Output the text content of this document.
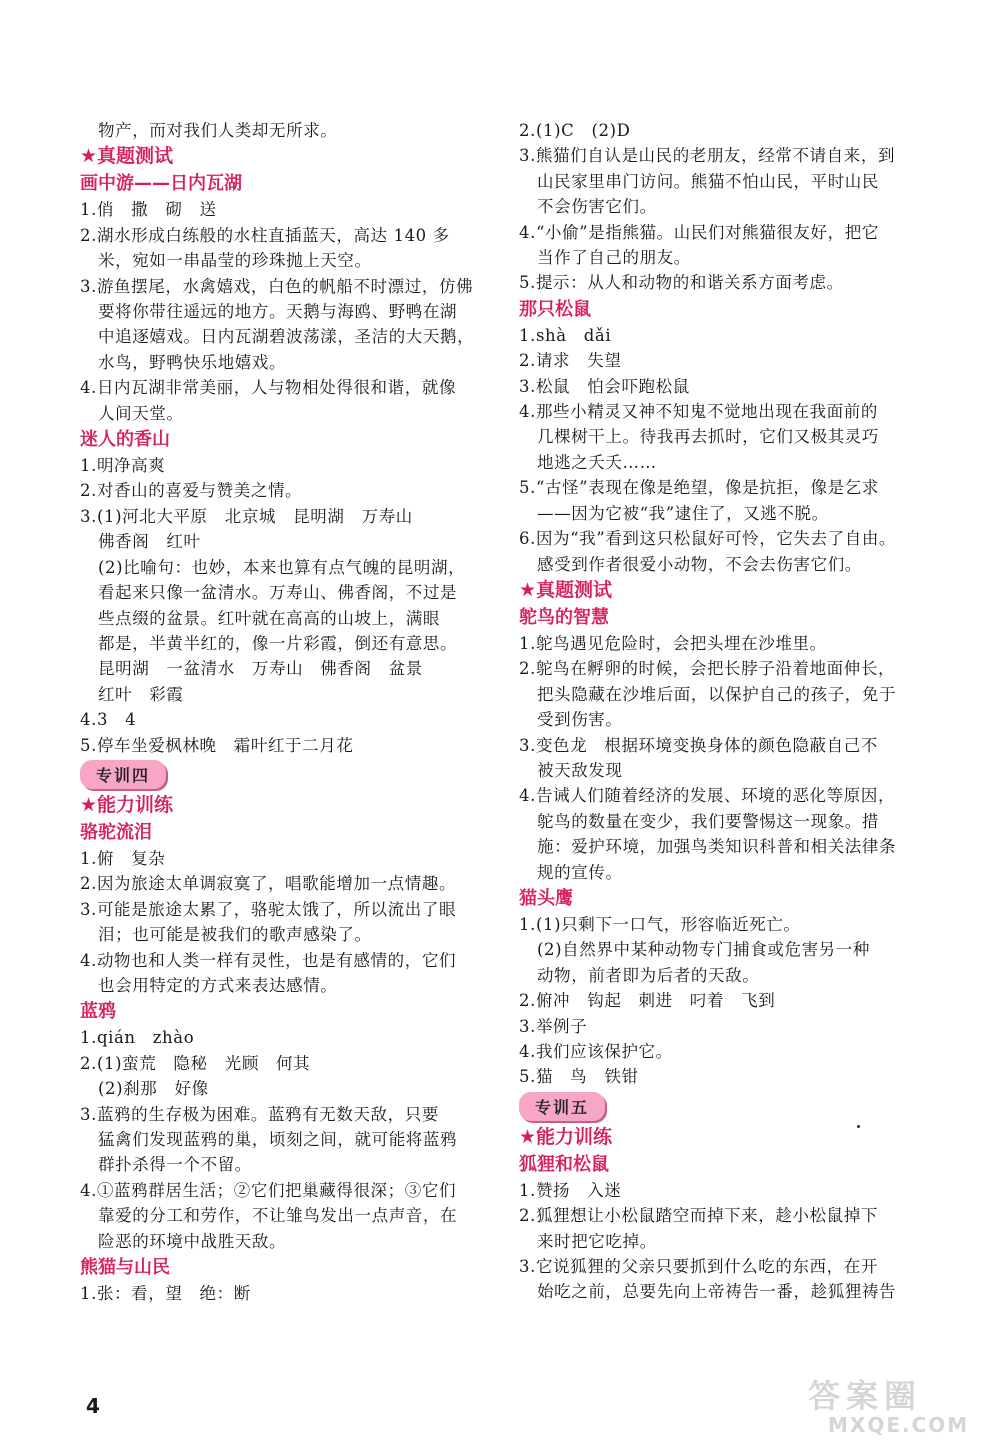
物产，而对我们人类却无所求。
★真题测试
画中游——日内瓦湖
1.俏　撒　砌　送
2.湖水形成白练般的水柱直插蓝天，高达 140 多
米，宛如一串晶莹的珍珠抛上天空。
3.游鱼摆尾，水禽嬉戏，白色的帆船不时漂过，仿佛
要将你带往遥远的地方。天鹅与海鸥、野鸭在湖
中追逐嬉戏。日内瓦湖碧波荡漾，圣洁的大天鹅，
水鸟，野鸭快乐地嬉戏。
4.日内瓦湖非常美丽，人与物相处得很和谐，就像
人间天堂。
迷人的香山
1.明净高爽
2.对香山的喜爱与赞美之情。
3.(1)河北大平原　北京城　昆明湖　万寿山
佛香阁　红叶
(2)比喻句：也妙，本来也算有点气魄的昆明湖，
看起来只像一盆清水。万寿山、佛香阁，不过是
些点缀的盆景。红叶就在高高的山坡上，满眼
都是，半黄半红的，像一片彩霞，倒还有意思。
昆明湖　一盆清水　万寿山　佛香阁　盆景
红叶　彩霞
4.3　4
5.停车坐爱枫林晚　霜叶红于二月花
专训四
★能力训练
骆驼流泪
1.俯　复杂
2.因为旅途太单调寂寞了，唱歌能增加一点情趣。
3.可能是旅途太累了，骆驼太饿了，所以流出了眼
泪；也可能是被我们的歌声感染了。
4.动物也和人类一样有灵性，也是有感情的，它们
也会用特定的方式来表达感情。
蓝鸦
1.qián　zhào
2.(1)蛮荒　隐秘　光顾　何其
(2)刹那　好像
3.蓝鸦的生存极为困难。蓝鸦有无数天敌，只要
猛禽们发现蓝鸦的巢，顷刻之间，就可能将蓝鸦
群扑杀得一个不留。
4.①蓝鸦群居生活；②它们把巢藏得很深；③它们
靠爱的分工和劳作，不让雏鸟发出一点声音，在
险恶的环境中战胜天敌。
熊猫与山民
1.张：看，望　绝：断
2.(1)C　(2)D
3.熊猫们自认是山民的老朋友，经常不请自来，到
山民家里串门访问。熊猫不怕山民，平时山民
不会伤害它们。
4.“小偷”是指熊猫。山民们对熊猫很友好，把它
当作了自己的朋友。
5.提示：从人和动物的和谐关系方面考虑。
那只松鼠
1.shà　dǎi
2.请求　失望
3.松鼠　怕会吓跑松鼠
4.那些小精灵又神不知鬼不觉地出现在我面前的
几棵树干上。待我再去抓时，它们又极其灵巧
地逃之夭夭……
5.“古怪”表现在像是绝望，像是抗拒，像是乞求
——因为它被“我”逮住了，又逃不脱。
6.因为“我”看到这只松鼠好可怜，它失去了自由。
感受到作者很爱小动物，不会去伤害它们。
★真题测试
鸵鸟的智慧
1.鸵鸟遇见危险时，会把头埋在沙堆里。
2.鸵鸟在孵卵的时候，会把长脖子沿着地面伸长，
把头隐藏在沙堆后面，以保护自己的孩子，免于
受到伤害。
3.变色龙　根据环境变换身体的颜色隐蔽自己不
被天敌发现
4.告诫人们随着经济的发展、环境的恶化等原因，
鸵鸟的数量在变少，我们要警惕这一现象。措
施：爱护环境，加强鸟类知识科普和相关法律条
规的宣传。
猫头鹰
1.(1)只剩下一口气，形容临近死亡。
(2)自然界中某种动物专门捕食或危害另一种
动物，前者即为后者的天敌。
2.俯冲　钩起　刺进　叼着　飞到
3.举例子
4.我们应该保护它。
5.猫　鸟　铁钳
专训五
★能力训练
狐狸和松鼠
1.赞扬　入迷
2.狐狸想让小松鼠踏空而掉下来，趁小松鼠掉下
来时把它吃掉。
3.它说狐狸的父亲只要抓到什么吃的东西，在开
始吃之前，总要先向上帝祷告一番，趁狐狸祷告
4	答案圈
MXQE.COM
